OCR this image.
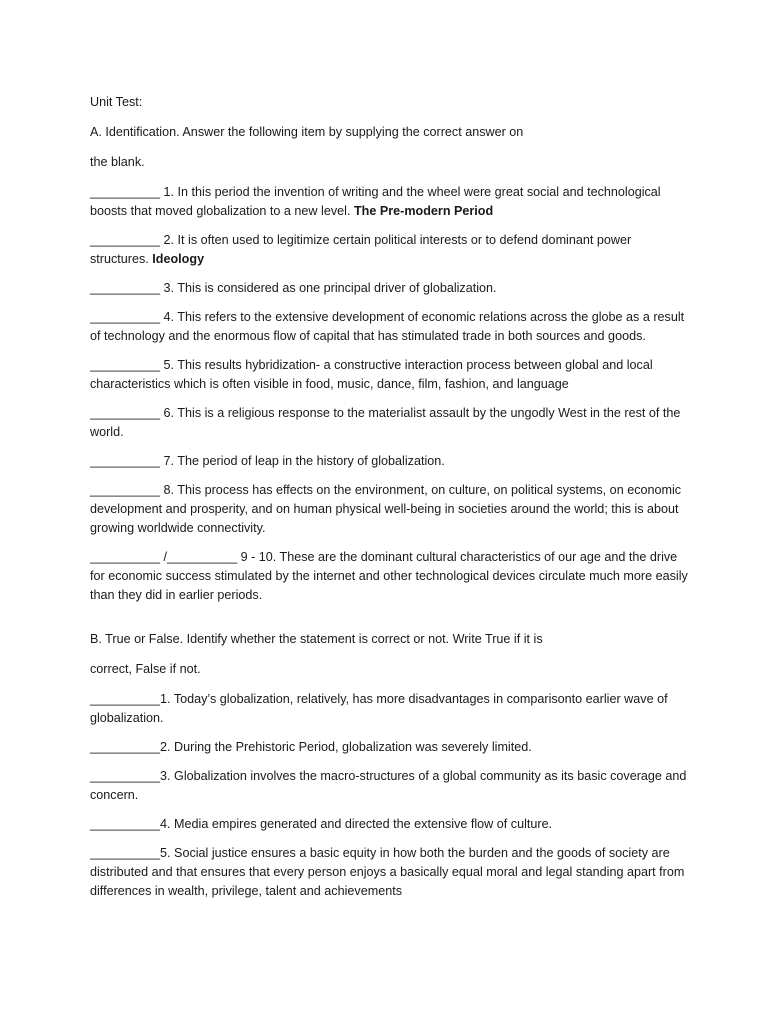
Unit Test:

A. Identification. Answer the following item by supplying the correct answer on

the blank.

__________ 1. In this period the invention of writing and the wheel were great social and technological boosts that moved globalization to a new level. The Pre-modern Period

__________ 2. It is often used to legitimize certain political interests or to defend dominant power structures. Ideology

__________ 3. This is considered as one principal driver of globalization.

__________ 4. This refers to the extensive development of economic relations across the globe as a result of technology and the enormous flow of capital that has stimulated trade in both sources and goods.

__________ 5. This results hybridization- a constructive interaction process between global and local characteristics which is often visible in food, music, dance, film, fashion, and language

__________ 6. This is a religious response to the materialist assault by the ungodly West in the rest of the world.

__________ 7. The period of leap in the history of globalization.

__________ 8. This process has effects on the environment, on culture, on political systems, on economic development and prosperity, and on human physical well-being in societies around the world; this is about growing worldwide connectivity.

__________ /__________ 9 - 10. These are the dominant cultural characteristics of our age and the drive for economic success stimulated by the internet and other technological devices circulate much more easily than they did in earlier periods.

B. True or False. Identify whether the statement is correct or not. Write True if it is

correct, False if not.

__________1. Today’s globalization, relatively, has more disadvantages in comparisonto earlier wave of globalization.

__________2. During the Prehistoric Period, globalization was severely limited.

__________3. Globalization involves the macro-structures of a global community as its basic coverage and concern.

__________4. Media empires generated and directed the extensive flow of culture.

__________5. Social justice ensures a basic equity in how both the burden and the goods of society are distributed and that ensures that every person enjoys a basically equal moral and legal standing apart from differences in wealth, privilege, talent and achievements
